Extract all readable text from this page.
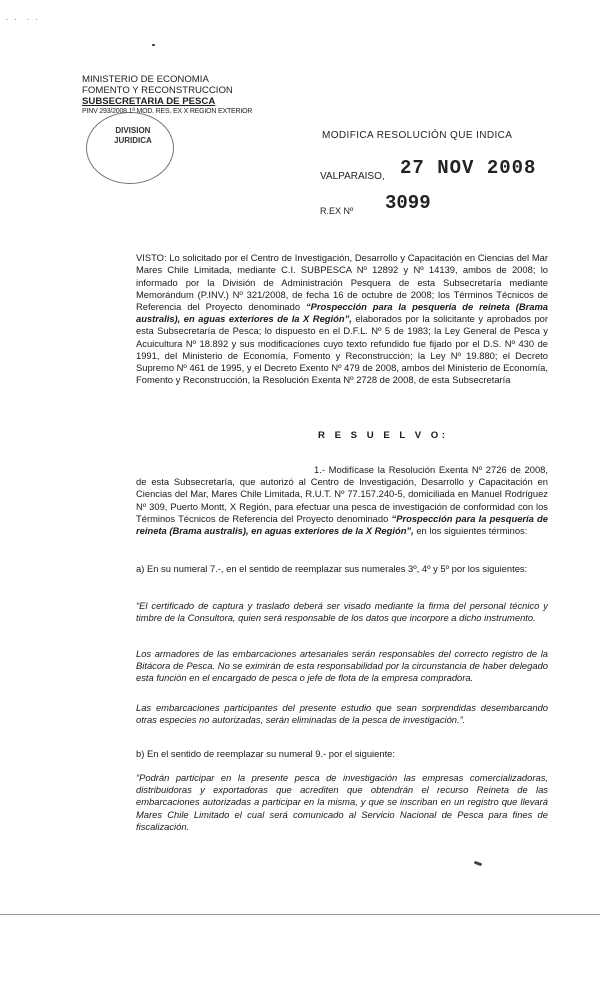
. .  . .
MINISTERIO DE ECONOMIA
FOMENTO Y RECONSTRUCCION
SUBSECRETARIA DE PESCA
PINV 293/2008 1ª MOD. RES. EX X REGION EXTERIOR
DIVISION
JURIDICA	MODIFICA RESOLUCIÓN QUE INDICA
VALPARAISO, 27 NOV 2008
R.EX Nº 3099

VISTO: Lo solicitado por el Centro de Investigación, Desarrollo y Capacitación en Ciencias del Mar Mares Chile Limitada, mediante C.I. SUBPESCA Nº 12892 y Nº 14139, ambos de 2008; lo informado por la División de Administración Pesquera de esta Subsecretaría mediante Memorándum (P.INV.) Nº 321/2008, de fecha 16 de octubre de 2008; los Términos Técnicos de Referencia del Proyecto denominado “Prospección para la pesquería de reineta (Brama australis), en aguas exteriores de la X Región”, elaborados por la solicitante y aprobados por esta Subsecretaría de Pesca; lo dispuesto en el D.F.L. Nº 5 de 1983; la Ley General de Pesca y Acuicultura Nº 18.892 y sus modificaciones cuyo texto refundido fue fijado por el D.S. Nº 430 de 1991, del Ministerio de Economía, Fomento y Reconstrucción; la Ley Nº 19.880; el Decreto Supremo Nº 461 de 1995, y el Decreto Exento Nº 479 de 2008, ambos del Ministerio de Economía, Fomento y Reconstrucción, la Resolución Exenta Nº 2728 de 2008, de esta Subsecretaría

R E S U E L V O:

1.- Modifícase la Resolución Exenta Nº 2726 de 2008, de esta Subsecretaría, que autorizó al Centro de Investigación, Desarrollo y Capacitación en Ciencias del Mar, Mares Chile Limitada, R.U.T. Nº 77.157.240-5, domiciliada en Manuel Rodríguez Nº 309, Puerto Montt, X Región, para efectuar una pesca de investigación de conformidad con los Términos Técnicos de Referencia del Proyecto denominado “Prospección para la pesquería de reineta (Brama australis), en aguas exteriores de la X Región”, en los siguientes términos:

a) En su numeral 7.-, en el sentido de reemplazar sus numerales 3º, 4º y 5º por los siguientes:

“El certificado de captura y traslado deberá ser visado mediante la firma del personal técnico y timbre de la Consultora, quien será responsable de los datos que incorpore a dicho instrumento.

Los armadores de las embarcaciones artesanales serán responsables del correcto registro de la Bitácora de Pesca. No se eximirán de esta responsabilidad por la circunstancia de haber delegado esta función en el encargado de pesca o jefe de flota de la empresa compradora.

Las embarcaciones participantes del presente estudio que sean sorprendidas desembarcando otras especies no autorizadas, serán eliminadas de la pesca de investigación.”.

b) En el sentido de reemplazar su numeral 9.- por el siguiente:

“Podrán participar en la presente pesca de investigación las empresas comercializadoras, distribuidoras y exportadoras que acrediten que obtendrán el recurso Reineta de las embarcaciones autorizadas a participar en la misma, y que se inscriban en un registro que llevará Mares Chile Limitado el cual será comunicado al Servicio Nacional de Pesca para fines de fiscalización.
